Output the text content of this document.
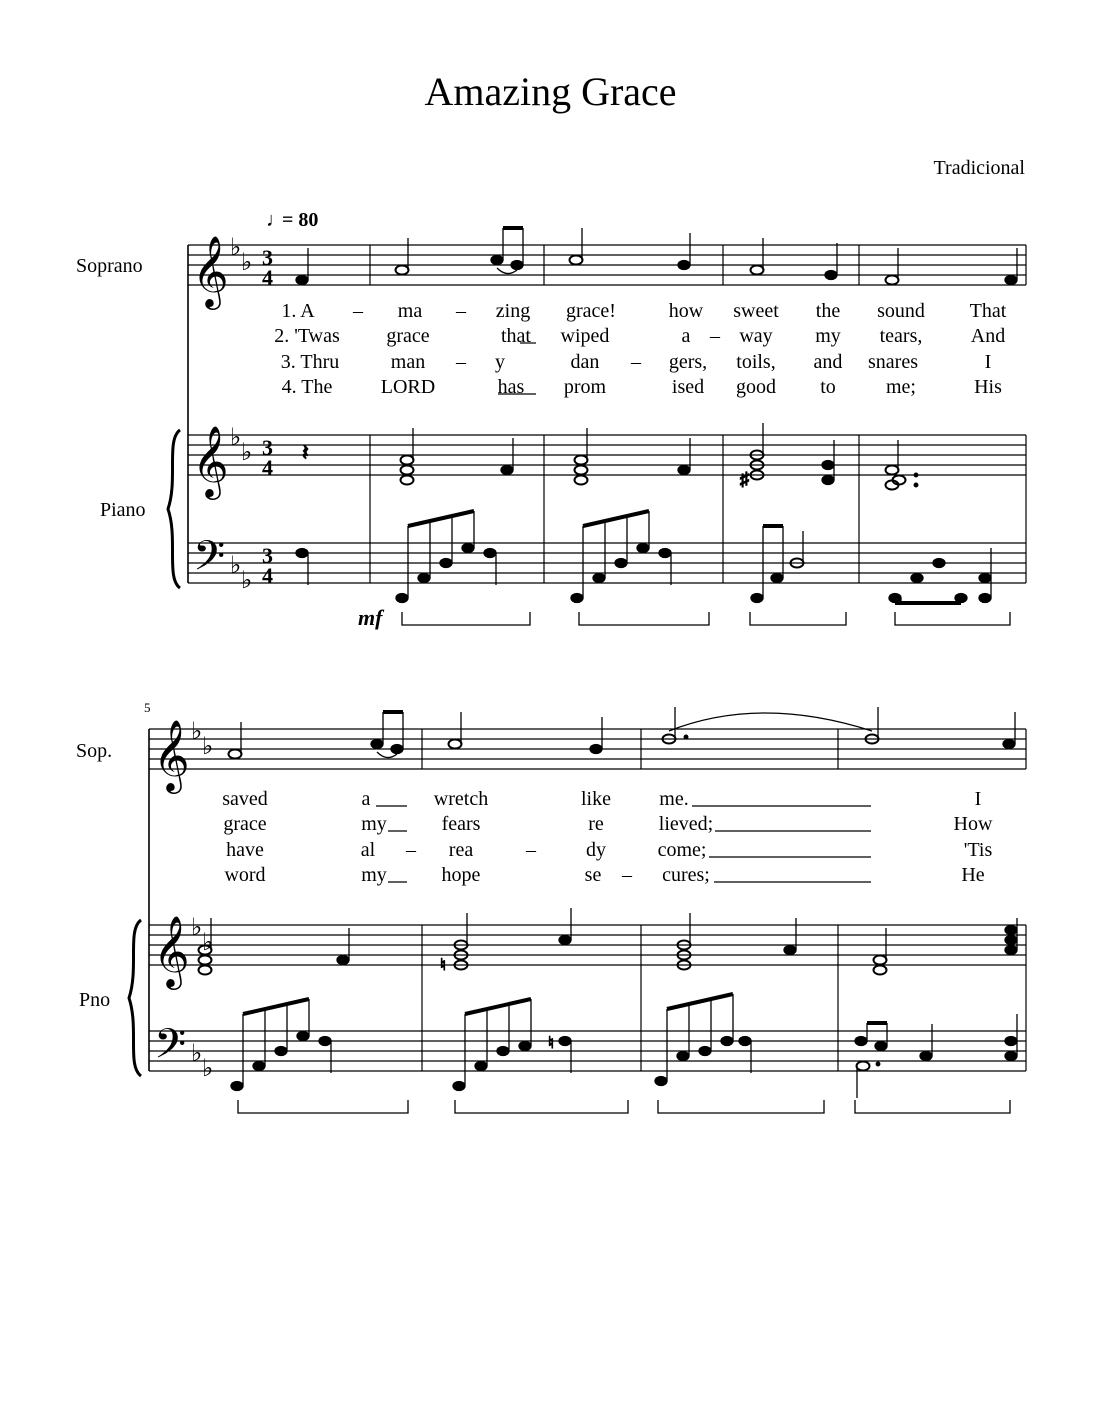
Amazing Grace
Tradicional
𝄞
𝄞
𝄢
♭
♭
♭
♭
♭
♭
3
4
3
4
3
4
♩
= 80
Soprano
Piano
𝄽
♯
mf
1. A – ma – zing grace!	how sweet the sound That
2. 'Twas grace	that wiped	a – way my tears, And
3. Thru	man – y	dan – gers, toils, and snares	I
4. The LORD	has prom	ised good to	me;	His
5
𝄞
𝄞
𝄢
♭
♭
♭
♭
♭
♭
Sop.
Pno
♮
♮
saved	a	wretch	like me.	I
grace	my	fears	re	lieved;	How
have	al – rea	–	dy	come;	'Tis
word	my	hope	se – cures;	He
